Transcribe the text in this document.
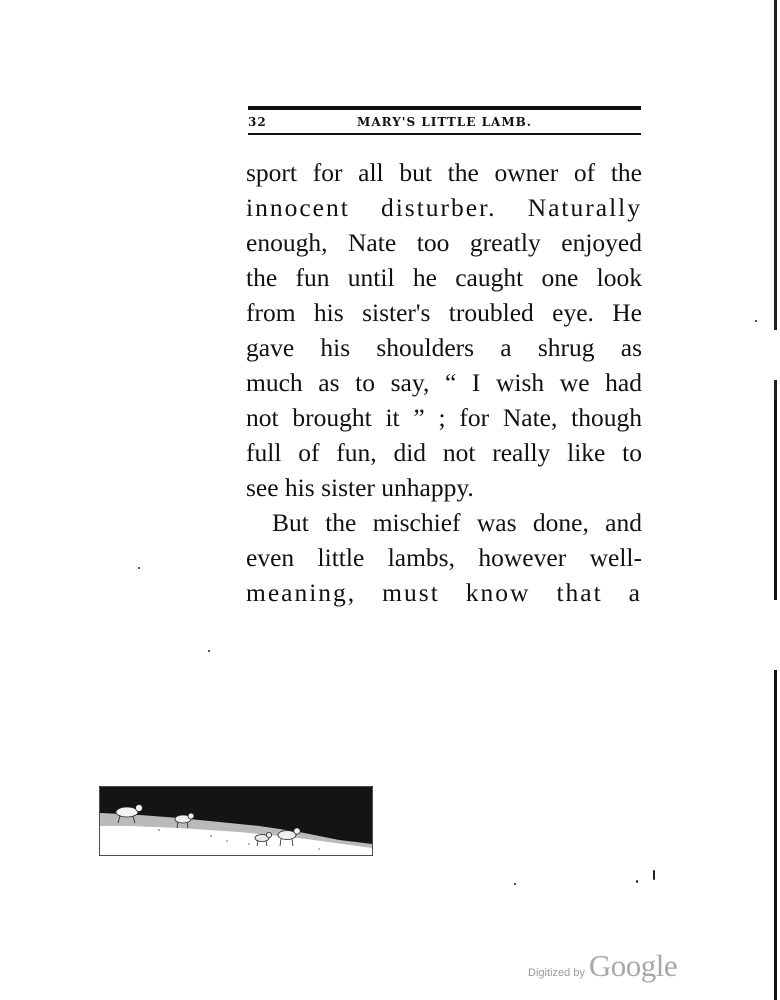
32	MARY'S LITTLE LAMB.
sport for all but the owner of the
innocent disturber. Naturally
enough, Nate too greatly enjoyed
the fun until he caught one look
from his sister's troubled eye. He
gave his shoulders a shrug as
much as to say, “ I wish we had
not brought it ” ; for Nate, though
full of fun, did not really like to
see his sister unhappy.
But the mischief was done, and
even little lambs, however well-
meaning, must know that a
Digitized by Google
